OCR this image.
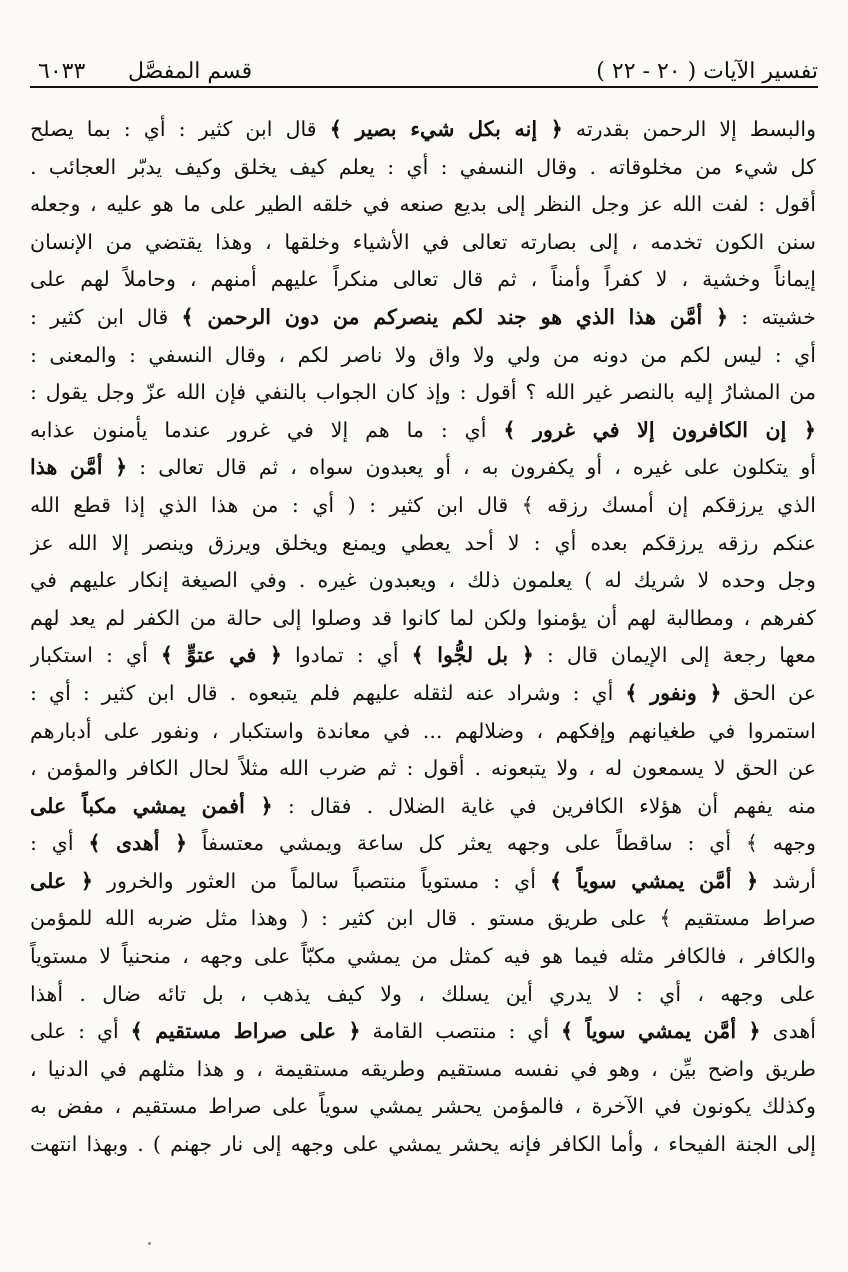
تفسير الآيات ( ٢٠ - ٢٢ )
قسم المفصَّل
٦٠٣٣
والبسط إلا الرحمن بقدرته ﴿ إنه بكل شيء بصير ﴾ قال ابن كثير : أي : بما يصلح
كل شيء من مخلوقاته . وقال النسفي : أي : يعلم كيف يخلق وكيف يدبّر العجائب .
أقول : لفت الله عز وجل النظر إلى بديع صنعه في خلقه الطير على ما هو عليه ، وجعله
سنن الكون تخدمه ، إلى بصارته تعالى في الأشياء وخلقها ، وهذا يقتضي من الإنسان
إيماناً وخشية ، لا كفراً وأمناً ، ثم قال تعالى منكراً عليهم أمنهم ، وحاملاً لهم على
خشيته : ﴿ أمَّن هذا الذي هو جند لكم ينصركم من دون الرحمن ﴾ قال ابن كثير :
أي : ليس لكم من دونه من ولي ولا واق ولا ناصر لكم ، وقال النسفي : والمعنى :
من المشارُ إليه بالنصر غير الله ؟ أقول : وإذ كان الجواب بالنفي فإن الله عزّ وجل يقول :
﴿ إن الكافرون إلا في غرور ﴾ أي : ما هم إلا في غرور عندما يأمنون عذابه
أو يتكلون على غيره ، أو يكفرون به ، أو يعبدون سواه ، ثم قال تعالى : ﴿ أمَّن هذا
الذي يرزقكم إن أمسك رزقه ﴾ قال ابن كثير : ( أي : من هذا الذي إذا قطع الله
عنكم رزقه يرزقكم بعده أي : لا أحد يعطي ويمنع ويخلق ويرزق وينصر إلا الله عز
وجل وحده لا شريك له ) يعلمون ذلك ، ويعبدون غيره . وفي الصيغة إنكار عليهم في
كفرهم ، ومطالبة لهم أن يؤمنوا ولكن لما كانوا قد وصلوا إلى حالة من الكفر لم يعد لهم
معها رجعة إلى الإيمان قال : ﴿ بل لجُّوا ﴾ أي : تمادوا ﴿ في عتوٍّ ﴾ أي : استكبار
عن الحق ﴿ ونفور ﴾ أي : وشراد عنه لثقله عليهم فلم يتبعوه . قال ابن كثير : أي :
استمروا في طغيانهم وإفكهم ، وضلالهم ... في معاندة واستكبار ، ونفور على أدبارهم
عن الحق لا يسمعون له ، ولا يتبعونه . أقول : ثم ضرب الله مثلاً لحال الكافر والمؤمن ،
منه يفهم أن هؤلاء الكافرين في غاية الضلال . فقال : ﴿ أفمن يمشي مكباً على
وجهه ﴾ أي : ساقطاً على وجهه يعثر كل ساعة ويمشي معتسفاً ﴿ أهدى ﴾ أي :
أرشد ﴿ أمَّن يمشي سوياً ﴾ أي : مستوياً منتصباً سالماً من العثور والخرور ﴿ على
صراط مستقيم ﴾ على طريق مستو . قال ابن كثير : ( وهذا مثل ضربه الله للمؤمن
والكافر ، فالكافر مثله فيما هو فيه كمثل من يمشي مكبّاً على وجهه ، منحنياً لا مستوياً
على وجهه ، أي : لا يدري أين يسلك ، ولا كيف يذهب ، بل تائه ضال . أهذا
أهدى ﴿ أمَّن يمشي سوياً ﴾ أي : منتصب القامة ﴿ على صراط مستقيم ﴾ أي : على
طريق واضح بيِّن ، وهو في نفسه مستقيم وطريقه مستقيمة ، و هذا مثلهم في الدنيا ،
وكذلك يكونون في الآخرة ، فالمؤمن يحشر يمشي سوياً على صراط مستقيم ، مفض به
إلى الجنة الفيحاء ، وأما الكافر فإنه يحشر يمشي على وجهه إلى نار جهنم ) . وبهذا انتهت
